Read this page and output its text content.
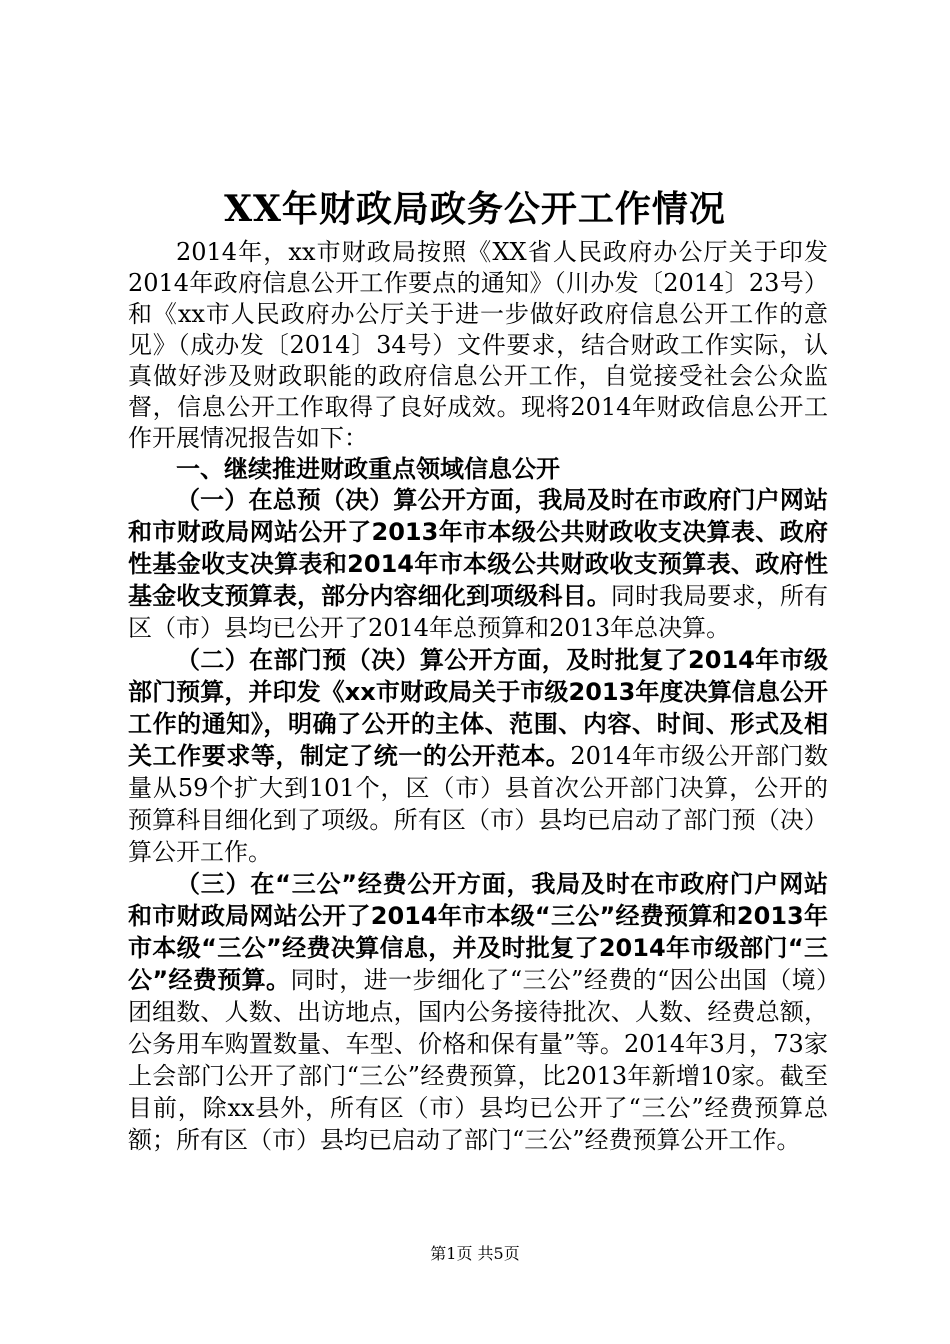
XX年财政局政务公开工作情况

2014年，xx市财政局按照《XX省人民政府办公厅关于印发2014年政府信息公开工作要点的通知》（川办发〔2014〕23号）和《xx市人民政府办公厅关于进一步做好政府信息公开工作的意见》（成办发〔2014〕34号）文件要求，结合财政工作实际，认真做好涉及财政职能的政府信息公开工作，自觉接受社会公众监督，信息公开工作取得了良好成效。现将2014年财政信息公开工作开展情况报告如下：

一、继续推进财政重点领域信息公开

（一）在总预（决）算公开方面，我局及时在市政府门户网站和市财政局网站公开了2013年市本级公共财政收支决算表、政府性基金收支决算表和2014年市本级公共财政收支预算表、政府性基金收支预算表，部分内容细化到项级科目。同时我局要求，所有区（市）县均已公开了2014年总预算和2013年总决算。

（二）在部门预（决）算公开方面，及时批复了2014年市级部门预算，并印发《xx市财政局关于市级2013年度决算信息公开工作的通知》，明确了公开的主体、范围、内容、时间、形式及相关工作要求等，制定了统一的公开范本。2014年市级公开部门数量从59个扩大到101个，区（市）县首次公开部门决算，公开的预算科目细化到了项级。所有区（市）县均已启动了部门预（决）算公开工作。

（三）在“三公”经费公开方面，我局及时在市政府门户网站和市财政局网站公开了2014年市本级“三公”经费预算和2013年市本级“三公”经费决算信息，并及时批复了2014年市级部门“三公”经费预算。同时，进一步细化了“三公”经费的“因公出国（境）团组数、人数、出访地点，国内公务接待批次、人数、经费总额，公务用车购置数量、车型、价格和保有量”等。2014年3月，73家上会部门公开了部门“三公”经费预算，比2013年新增10家。截至目前，除xx县外，所有区（市）县均已公开了“三公”经费预算总额；所有区（市）县均已启动了部门“三公”经费预算公开工作。

第1页 共5页
